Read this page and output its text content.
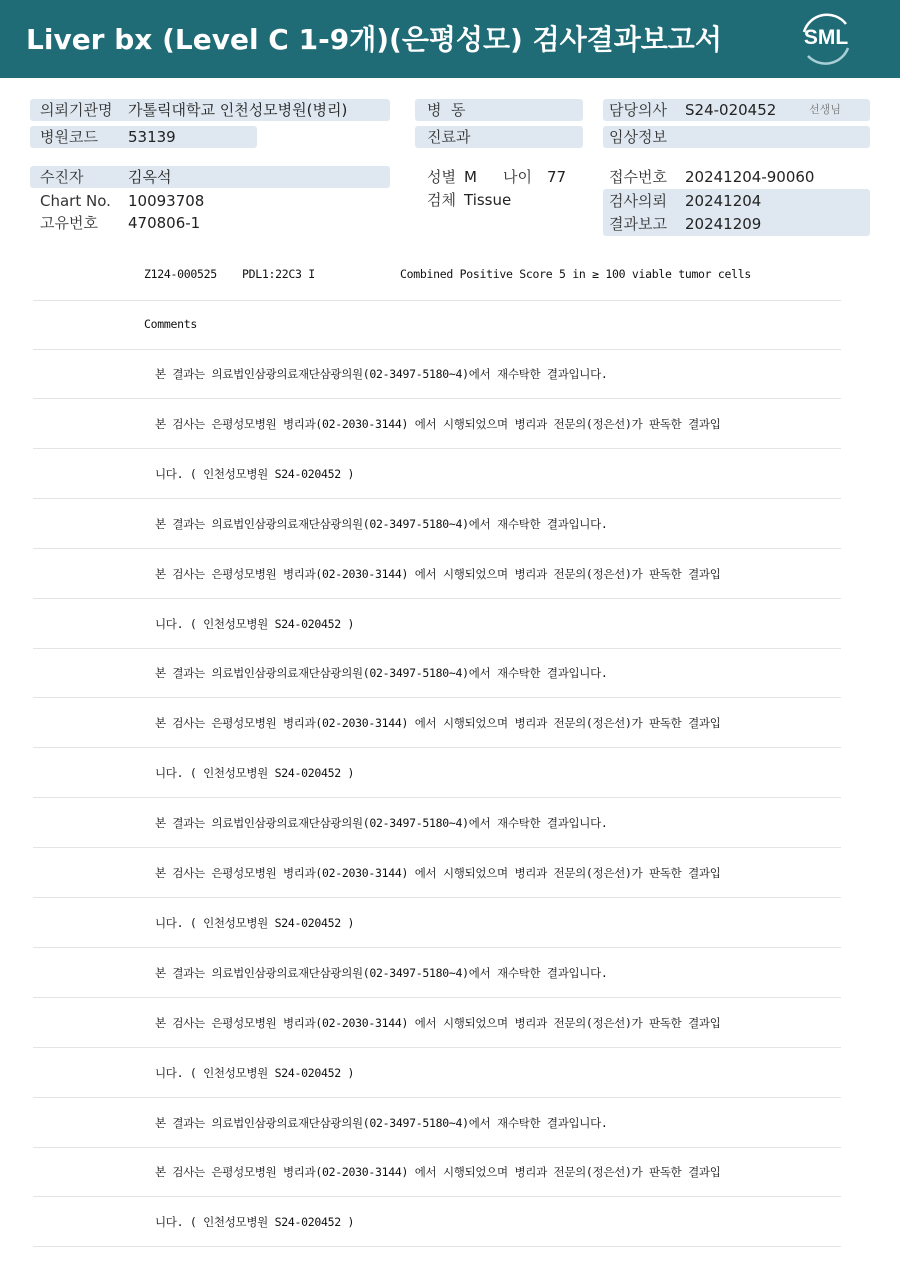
Liver bx (Level C 1-9개)(은평성모) 검사결과보고서	SML
의뢰기관명 가톨릭대학교 인천성모병원(병리)
병원코드 53139
수진자	김옥석
Chart No. 10093708
고유번호 470806-1
병  동
진료과
성별 M 나이 77
검체 Tissue
담당의사 S24-020452	선생님
임상정보
접수번호 20241204-90060
검사의뢰 20241204
결과보고 20241209
Z124-000525 PDL1:22C3 I	Combined Positive Score 5 in ≥ 100 viable tumor cells
Comments
본 결과는 의료법인삼광의료재단삼광의원(02-3497-5180~4)에서 재수탁한 결과입니다.
본 검사는 은평성모병원 병리과(02-2030-3144) 에서 시행되었으며 병리과 전문의(정은선)가 판독한 결과입
니다. ( 인천성모병원 S24-020452 )
본 결과는 의료법인삼광의료재단삼광의원(02-3497-5180~4)에서 재수탁한 결과입니다.
본 검사는 은평성모병원 병리과(02-2030-3144) 에서 시행되었으며 병리과 전문의(정은선)가 판독한 결과입
니다. ( 인천성모병원 S24-020452 )
본 결과는 의료법인삼광의료재단삼광의원(02-3497-5180~4)에서 재수탁한 결과입니다.
본 검사는 은평성모병원 병리과(02-2030-3144) 에서 시행되었으며 병리과 전문의(정은선)가 판독한 결과입
니다. ( 인천성모병원 S24-020452 )
본 결과는 의료법인삼광의료재단삼광의원(02-3497-5180~4)에서 재수탁한 결과입니다.
본 검사는 은평성모병원 병리과(02-2030-3144) 에서 시행되었으며 병리과 전문의(정은선)가 판독한 결과입
니다. ( 인천성모병원 S24-020452 )
본 결과는 의료법인삼광의료재단삼광의원(02-3497-5180~4)에서 재수탁한 결과입니다.
본 검사는 은평성모병원 병리과(02-2030-3144) 에서 시행되었으며 병리과 전문의(정은선)가 판독한 결과입
니다. ( 인천성모병원 S24-020452 )
본 결과는 의료법인삼광의료재단삼광의원(02-3497-5180~4)에서 재수탁한 결과입니다.
본 검사는 은평성모병원 병리과(02-2030-3144) 에서 시행되었으며 병리과 전문의(정은선)가 판독한 결과입
니다. ( 인천성모병원 S24-020452 )
